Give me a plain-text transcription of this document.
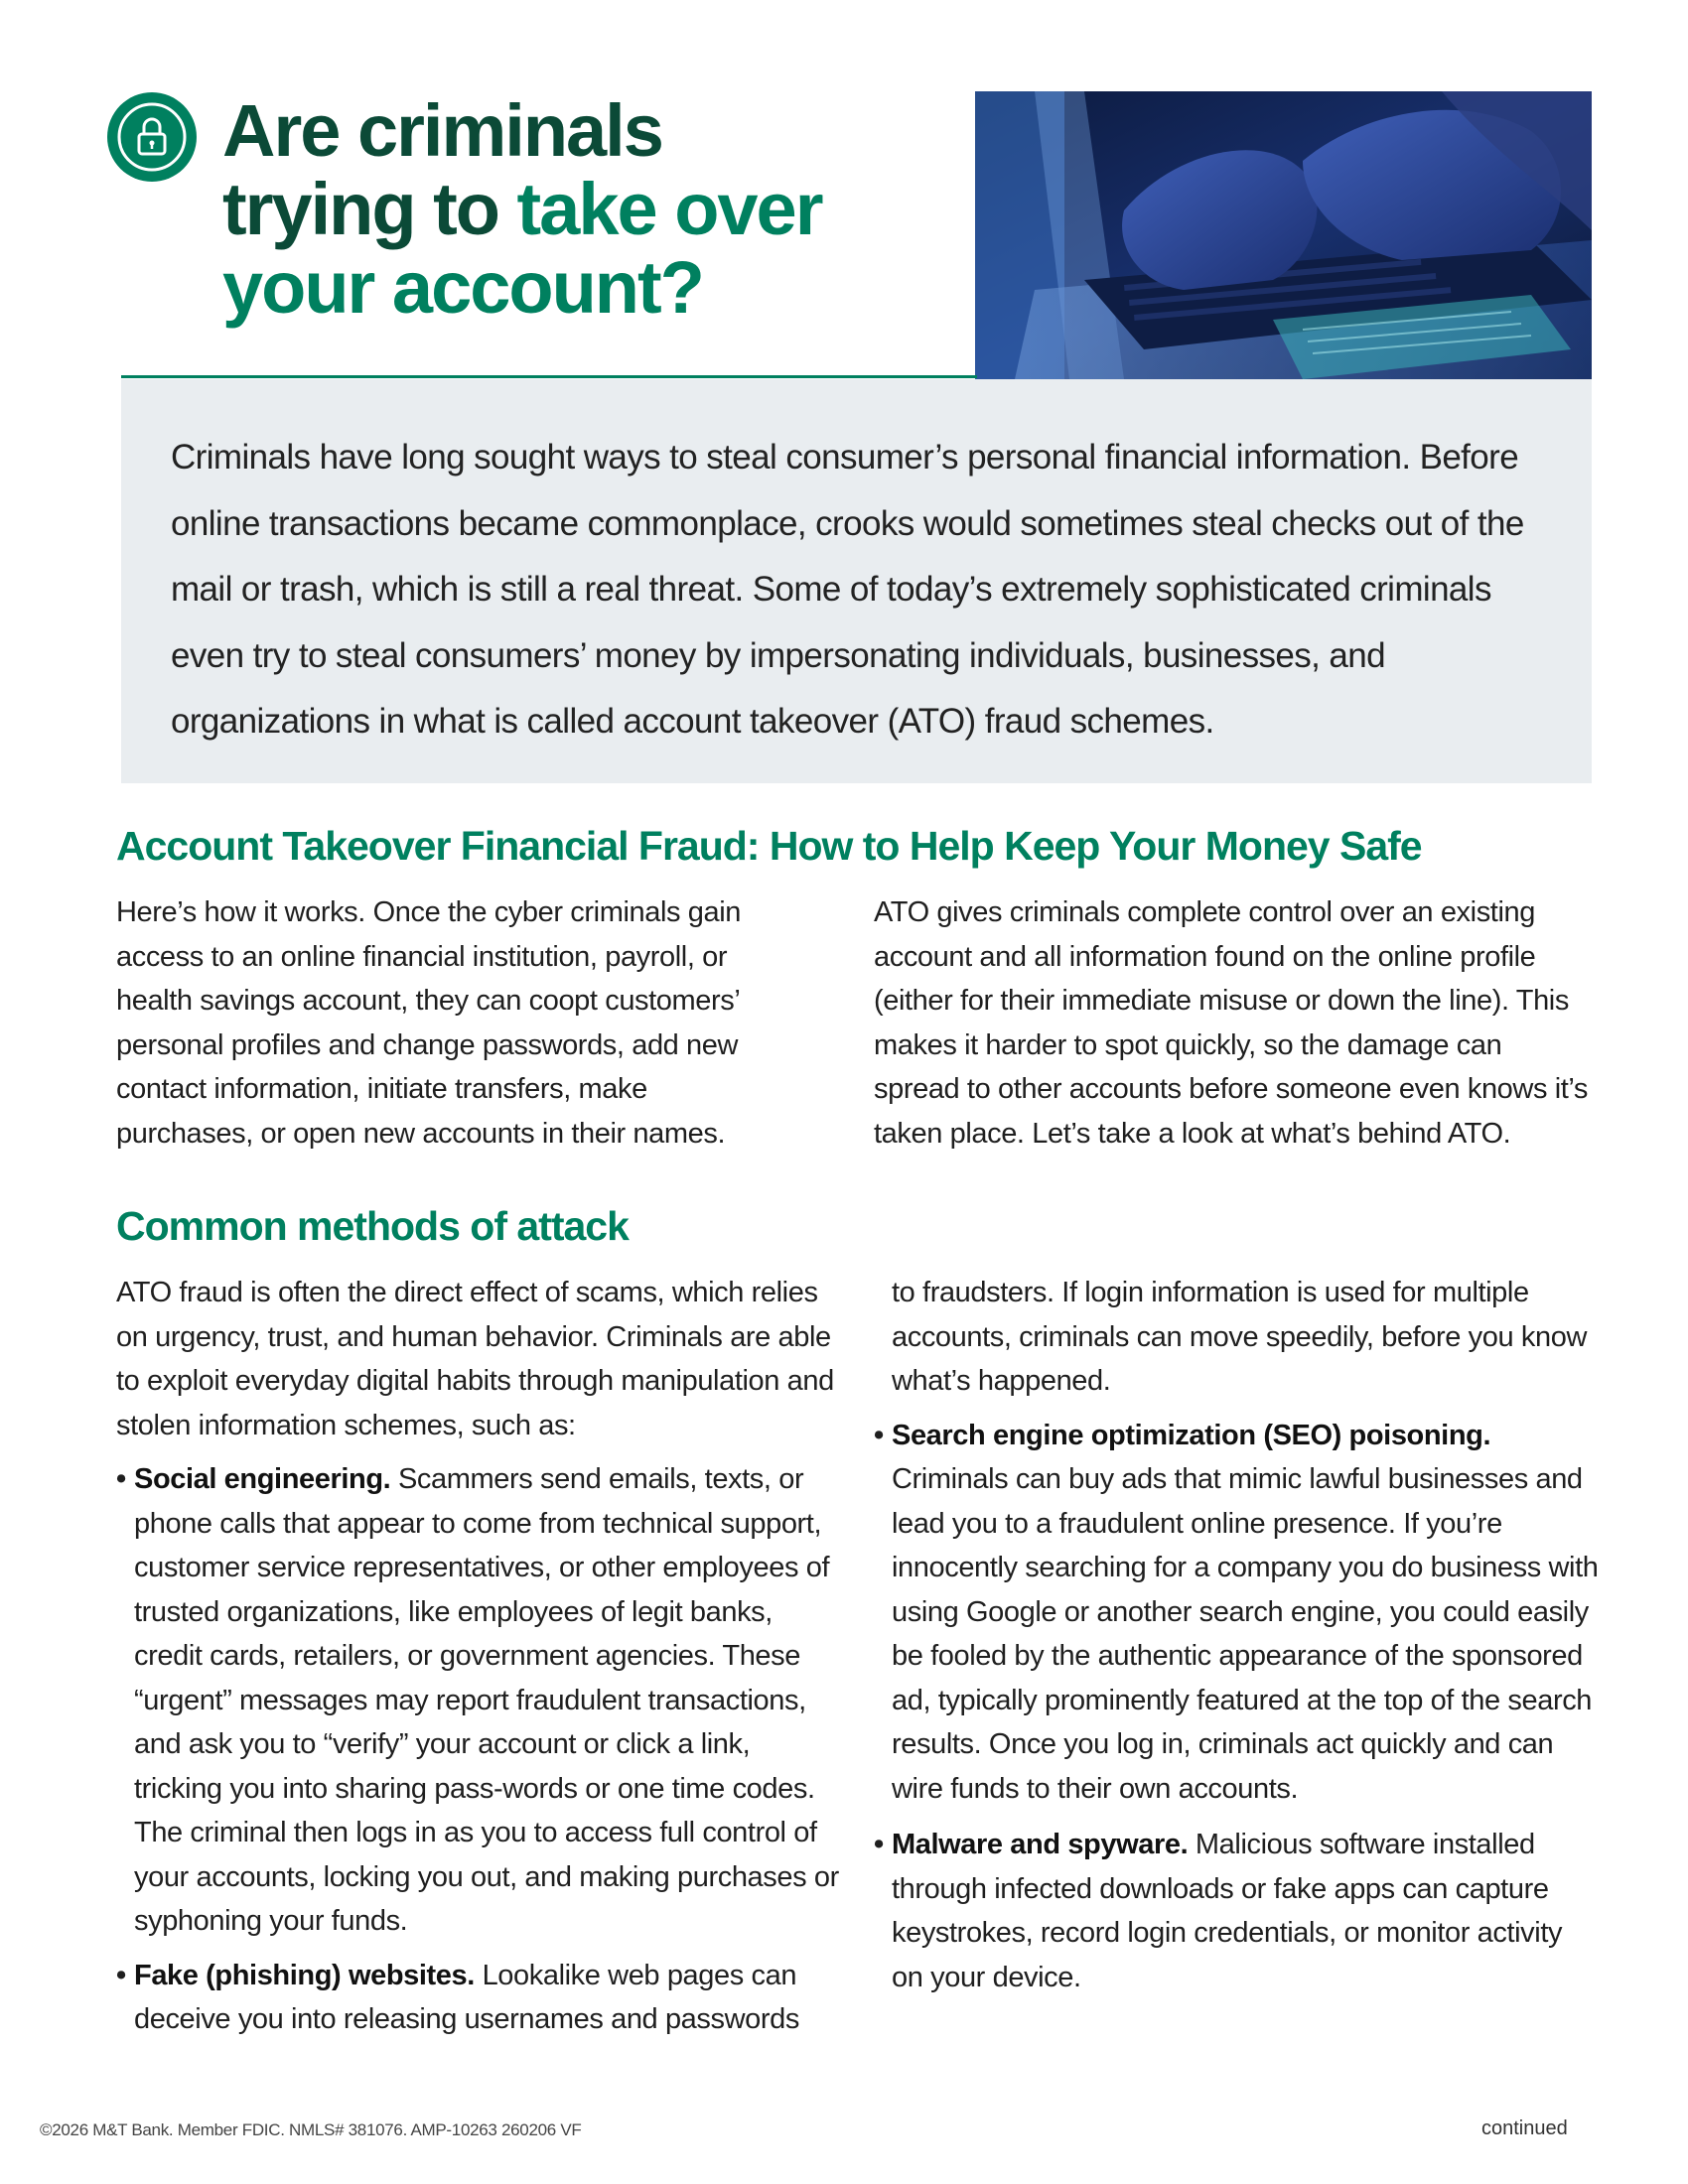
Are criminals
trying to take over
your account?

Criminals have long sought ways to steal consumer’s personal financial information. Before online transactions became commonplace, crooks would sometimes steal checks out of the mail or trash, which is still a real threat. Some of today’s extremely sophisticated criminals even try to steal consumers’ money by impersonating individuals, businesses, and organizations in what is called account takeover (ATO) fraud schemes.

Account Takeover Financial Fraud: How to Help Keep Your Money Safe

Here’s how it works. Once the cyber criminals gain access to an online financial institution, payroll, or health savings account, they can coopt customers’ personal profiles and change passwords, add new contact information, initiate transfers, make purchases, or open new accounts in their names.

ATO gives criminals complete control over an existing account and all information found on the online profile (either for their immediate misuse or down the line). This makes it harder to spot quickly, so the damage can spread to other accounts before someone even knows it’s taken place. Let’s take a look at what’s behind ATO.

Common methods of attack

ATO fraud is often the direct effect of scams, which relies on urgency, trust, and human behavior. Criminals are able to exploit everyday digital habits through manipulation and stolen information schemes, such as:

• Social engineering. Scammers send emails, texts, or phone calls that appear to come from technical support, customer service representatives, or other employees of trusted organizations, like employees of legit banks, credit cards, retailers, or government agencies. These “urgent” messages may report fraudulent transactions, and ask you to “verify” your account or click a link, tricking you into sharing pass-words or one time codes. The criminal then logs in as you to access full control of your accounts, locking you out, and making purchases or syphoning your funds.

• Fake (phishing) websites. Lookalike web pages can deceive you into releasing usernames and passwords

to fraudsters. If login information is used for multiple accounts, criminals can move speedily, before you know what’s happened.

• Search engine optimization (SEO) poisoning. Criminals can buy ads that mimic lawful businesses and lead you to a fraudulent online presence. If you’re innocently searching for a company you do business with using Google or another search engine, you could easily be fooled by the authentic appearance of the sponsored ad, typically prominently featured at the top of the search results. Once you log in, criminals act quickly and can wire funds to their own accounts.

• Malware and spyware. Malicious software installed through infected downloads or fake apps can capture keystrokes, record login credentials, or monitor activity on your device.

©2026 M&T Bank. Member FDIC. NMLS# 381076. AMP-10263 260206 VF	continued
